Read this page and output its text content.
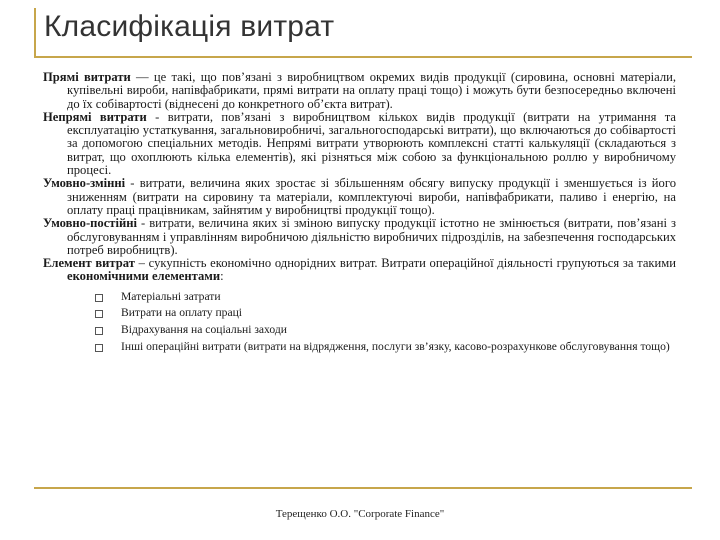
Класифікація витрат

Прямі витрати — це такі, що пов’язані з виробництвом окремих видів продукції (сировина, основні матеріали, купівельні вироби, напівфабрикати, прямі витрати на оплату праці тощо) і можуть бути безпосередньо включені до їх собівартості (віднесені до конкретного об’єкта витрат).

Непрямі витрати - витрати, пов’язані з виробництвом кількох видів продукції (витрати на утримання та експлуатацію устаткування, загальновиробничі, загальногосподарські витрати), що включаються до собівартості за допомогою спеціальних методів. Непрямі витрати утворюють комплексні статті калькуляції (складаються з витрат, що охоплюють кілька елементів), які різняться між собою за функціональною роллю у виробничому процесі.

Умовно-змінні - витрати, величина яких зростає зі збільшенням обсягу випуску продукції і зменшується із його зниженням (витрати на сировину та матеріали, комплектуючі вироби, напівфабрикати, паливо і енергію, на оплату праці працівникам, зайнятим у виробництві продукції тощо).

Умовно-постійні - витрати, величина яких зі зміною випуску продукції істотно не змінюється (витрати, пов’язані з обслуговуванням і управлінням виробничою діяльністю виробничих підрозділів, на забезпечення господарських потреб виробництв).

Елемент витрат – сукупність економічно однорідних витрат. Витрати операційної діяльності групуються за такими економічними елементами:

Матеріальні затрати
Витрати на оплату праці
Відрахування на соціальні заходи
Інші операційні витрати (витрати на відрядження, послуги зв’язку, касово-розрахункове обслуговування тощо)
Терещенко О.О. "Corporate Finance"
